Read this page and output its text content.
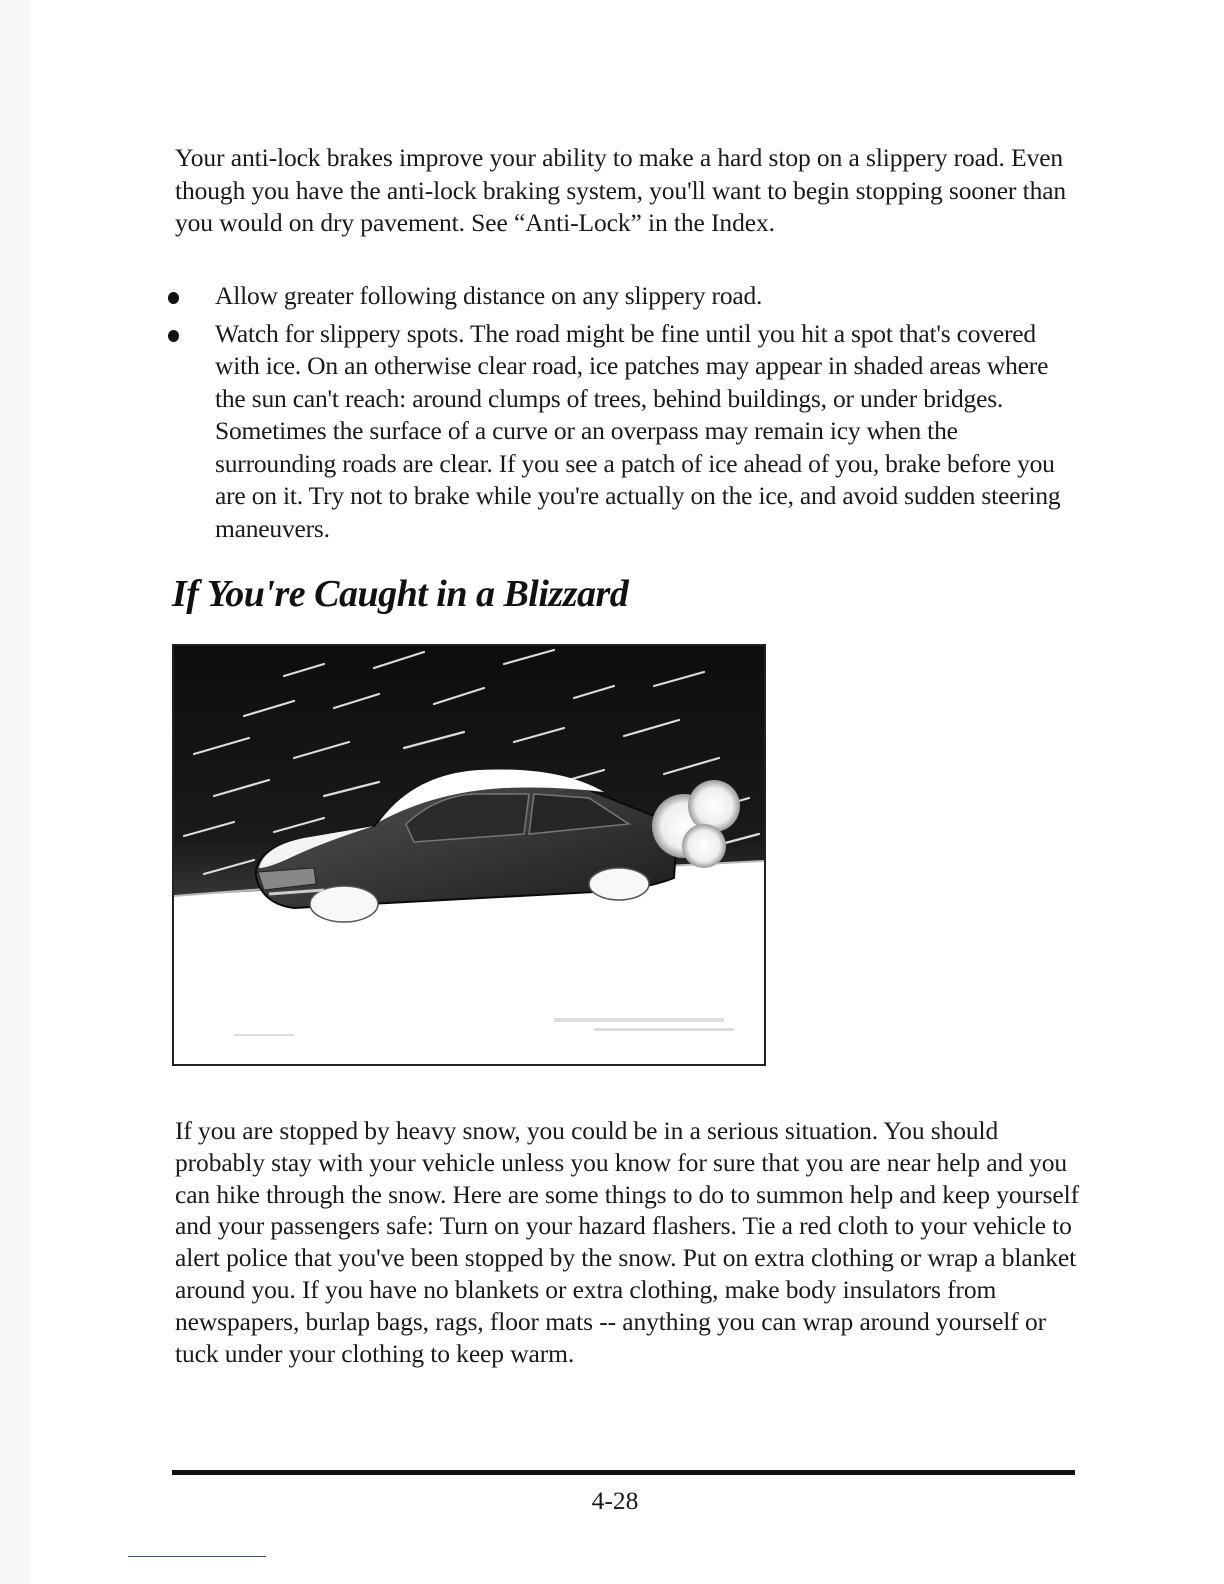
Your anti-lock brakes improve your ability to make a hard stop on a slippery road. Even though you have the anti-lock braking system, you'll want to begin stopping sooner than you would on dry pavement. See “Anti-Lock” in the Index.

Allow greater following distance on any slippery road.
Watch for slippery spots. The road might be fine until you hit a spot that's covered with ice. On an otherwise clear road, ice patches may appear in shaded areas where the sun can't reach: around clumps of trees, behind buildings, or under bridges. Sometimes the surface of a curve or an overpass may remain icy when the surrounding roads are clear. If you see a patch of ice ahead of you, brake before you are on it. Try not to brake while you're actually on the ice, and avoid sudden steering maneuvers.
If You're Caught in a Blizzard

If you are stopped by heavy snow, you could be in a serious situation. You should probably stay with your vehicle unless you know for sure that you are near help and you can hike through the snow. Here are some things to do to summon help and keep yourself and your passengers safe: Turn on your hazard flashers. Tie a red cloth to your vehicle to alert police that you've been stopped by the snow. Put on extra clothing or wrap a blanket around you. If you have no blankets or extra clothing, make body insulators from newspapers, burlap bags, rags, floor mats -- anything you can wrap around yourself or tuck under your clothing to keep warm.

4-28
